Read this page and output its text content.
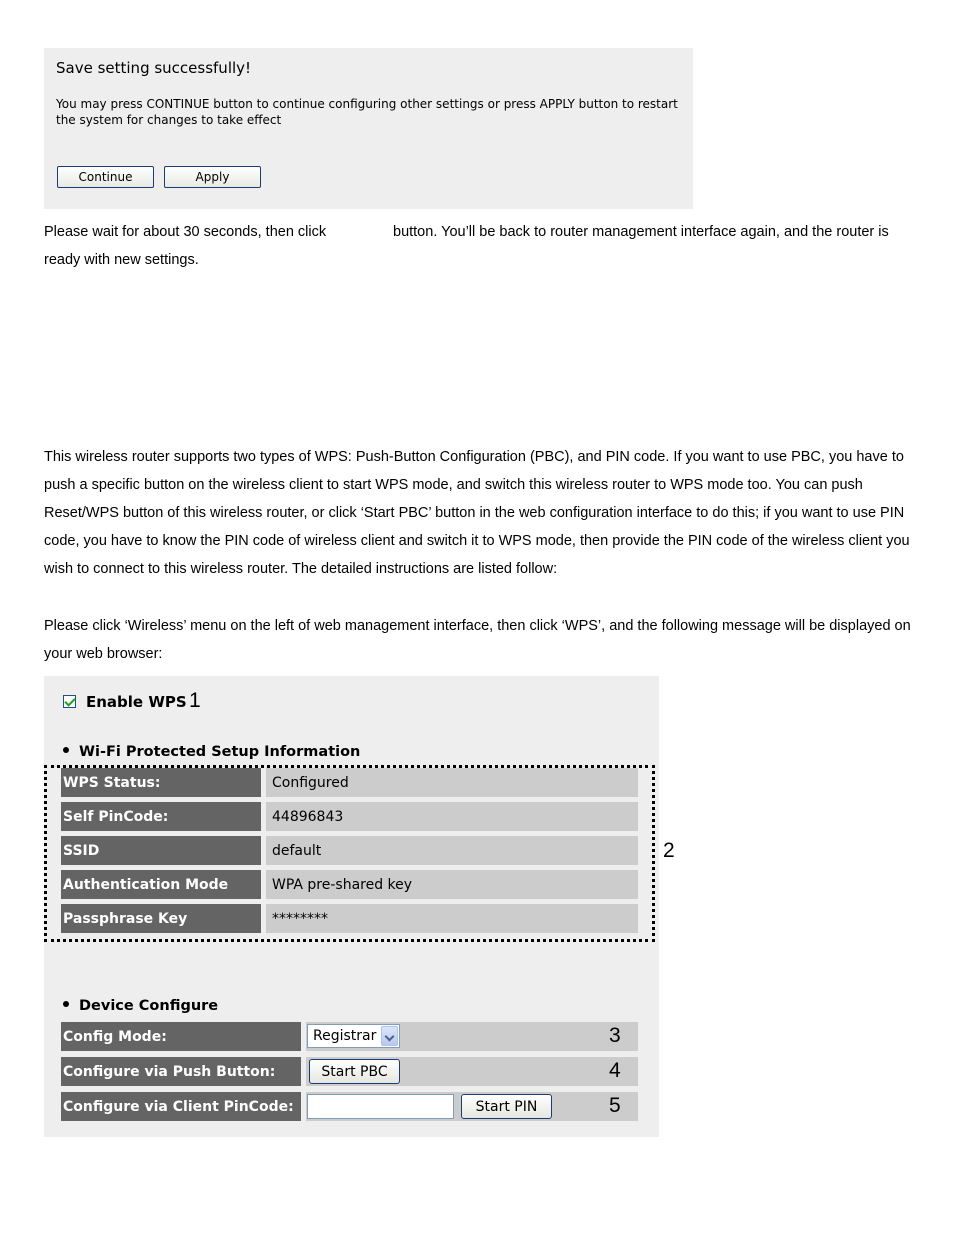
Save setting successfully!
You may press CONTINUE button to continue configuring other settings or press APPLY button to restart the system for changes to take effect
Continue	Apply
Please wait for about 30 seconds, then click	button. You’ll be back to router management interface again, and the router is ready with new settings.

This wireless router supports two types of WPS: Push-Button Configuration (PBC), and PIN code. If you want to use PBC, you have to push a specific button on the wireless client to start WPS mode, and switch this wireless router to WPS mode too. You can push Reset/WPS button of this wireless router, or click ‘Start PBC’ button in the web configuration interface to do this; if you want to use PIN code, you have to know the PIN code of wireless client and switch it to WPS mode, then provide the PIN code of the wireless client you wish to connect to this wireless router. The detailed instructions are listed follow:

Please click ‘Wireless’ menu on the left of web management interface, then click ‘WPS’, and the following message will be displayed on your web browser:

Enable WPS 1
Wi-Fi Protected Setup Information
WPS Status:	Configured
Self PinCode:	44896843
SSID	default
Authentication Mode	WPA pre-shared key
Passphrase Key	********
Device Configure
Config Mode:	Registrar	3
Configure via Push Button:	Start PBC	4
Configure via Client PinCode:	Start PIN	5
2
